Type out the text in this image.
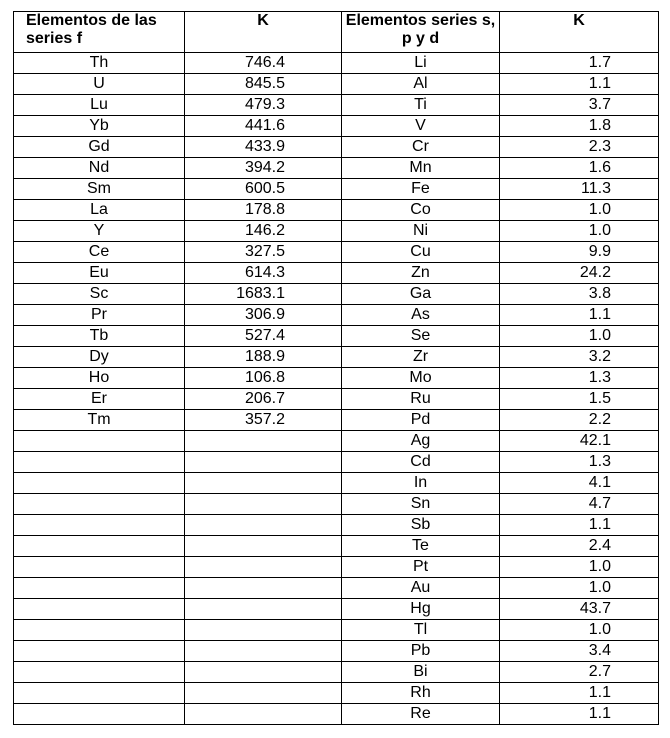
Elementos de las series f	K	Elementos series s, p y d	K
Th	746.4	Li	1.7
U	845.5	Al	1.1
Lu	479.3	Ti	3.7
Yb	441.6	V	1.8
Gd	433.9	Cr	2.3
Nd	394.2	Mn	1.6
Sm	600.5	Fe	11.3
La	178.8	Co	1.0
Y	146.2	Ni	1.0
Ce	327.5	Cu	9.9
Eu	614.3	Zn	24.2
Sc	1683.1	Ga	3.8
Pr	306.9	As	1.1
Tb	527.4	Se	1.0
Dy	188.9	Zr	3.2
Ho	106.8	Mo	1.3
Er	206.7	Ru	1.5
Tm	357.2	Pd	2.2
		Ag	42.1
		Cd	1.3
		In	4.1
		Sn	4.7
		Sb	1.1
		Te	2.4
		Pt	1.0
		Au	1.0
		Hg	43.7
		Tl	1.0
		Pb	3.4
		Bi	2.7
		Rh	1.1
		Re	1.1
